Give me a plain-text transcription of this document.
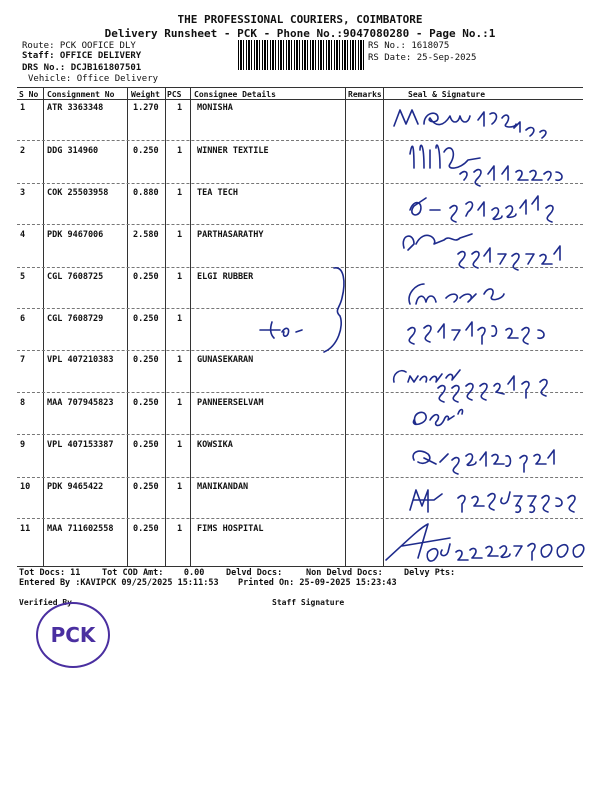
THE PROFESSIONAL COURIERS, COIMBATORE
Delivery Runsheet - PCK - Phone No.:9047080280 - Page No.:1
Route: PCK OOFICE DLY
Staff: OFFICE DELIVERY
DRS No.: DCJB161807501
Vehicle: Office Delivery
RS No.: 1618075
RS Date: 25-Sep-2025
S No Consignment No Weight PCS Consignee Details	Remarks	Seal & Signature
1	ATR 3363348	1.270 1 MONISHA
2	DDG 314960	0.250 1 WINNER TEXTILE
3	COK 25503958	0.880 1 TEA TECH
4	PDK 9467006	2.580 1 PARTHASARATHY
5	CGL 7608725	0.250 1 ELGI RUBBER
6	CGL 7608729	0.250 1
7	VPL 407210383 0.250 1 GUNASEKARAN
8	MAA 707945823 0.250 1 PANNEERSELVAM
9	VPL 407153387 0.250 1 KOWSIKA
10 PDK 9465422	0.250 1 MANIKANDAN
11 MAA 711602558 0.250 1 FIMS HOSPITAL
Tot Docs: 11	Tot COD Amt:    0.00	Delvd Docs:	Non Delvd Docs: Delvy Pts:
Entered By :KAVIPCK 09/25/2025 15:11:53 Printed On: 25-09-2025 15:23:43
Verified By	Staff Signature
PCK
